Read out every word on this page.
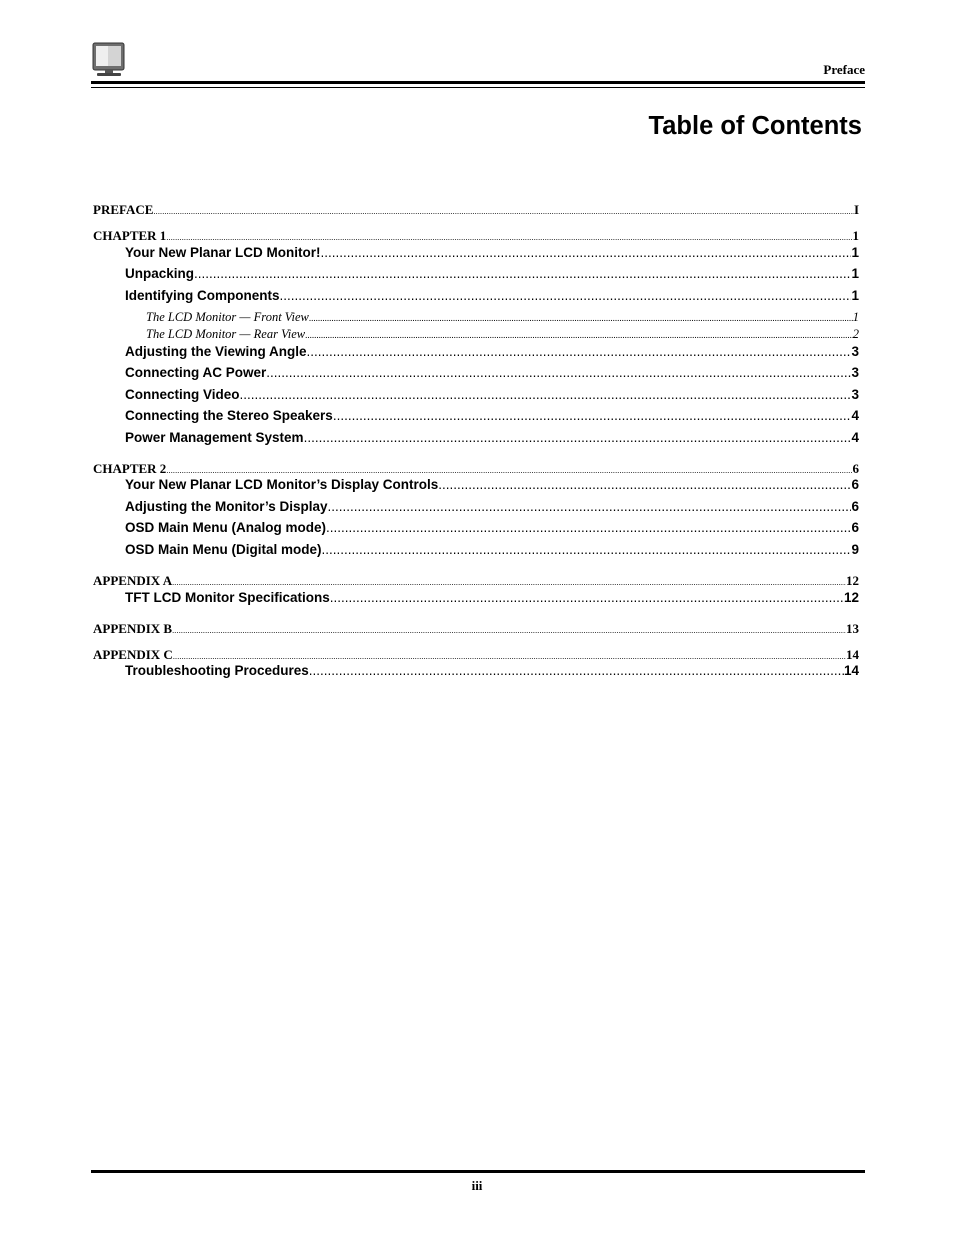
Preface
Table of Contents
PREFACE .....	I
CHAPTER 1 .....	1
Your New Planar LCD Monitor! .....	1
Unpacking .....	1
Identifying Components .....	1
The LCD Monitor — Front View .....	1
The LCD Monitor — Rear View .....	2
Adjusting the Viewing Angle .....	3
Connecting AC Power .....	3
Connecting Video .....	3
Connecting the Stereo Speakers .....	4
Power Management System .....	4
CHAPTER 2 .....	6
Your New Planar LCD Monitor’s Display Controls .....	6
Adjusting the Monitor’s Display .....	6
OSD Main Menu (Analog mode) .....	6
OSD Main Menu (Digital mode) .....	9
APPENDIX A .....	12
TFT LCD Monitor Specifications .....	12
APPENDIX B .....	13
APPENDIX C .....	14
Troubleshooting Procedures .....	14
iii
